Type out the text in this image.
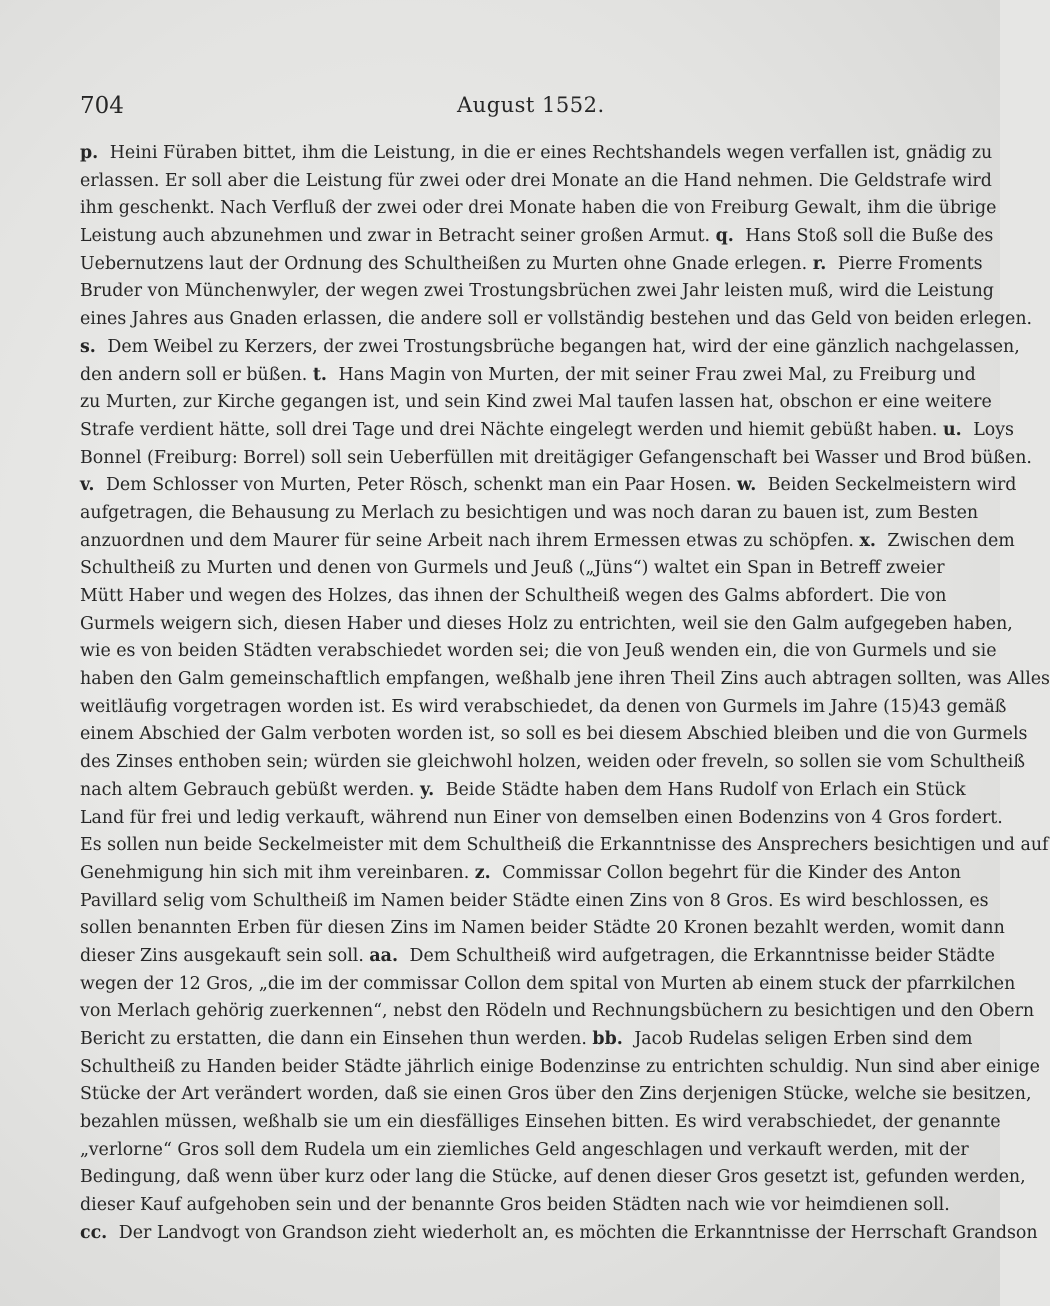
704	August 1552.
p. Heini Füraben bittet, ihm die Leistung, in die er eines Rechtshandels wegen verfallen ist, gnädig zu
erlassen. Er soll aber die Leistung für zwei oder drei Monate an die Hand nehmen. Die Geldstrafe wird
ihm geschenkt. Nach Verfluß der zwei oder drei Monate haben die von Freiburg Gewalt, ihm die übrige
Leistung auch abzunehmen und zwar in Betracht seiner großen Armut. q. Hans Stoß soll die Buße des
Uebernutzens laut der Ordnung des Schultheißen zu Murten ohne Gnade erlegen. r. Pierre Froments
Bruder von Münchenwyler, der wegen zwei Trostungsbrüchen zwei Jahr leisten muß, wird die Leistung
eines Jahres aus Gnaden erlassen, die andere soll er vollständig bestehen und das Geld von beiden erlegen.
s. Dem Weibel zu Kerzers, der zwei Trostungsbrüche begangen hat, wird der eine gänzlich nachgelassen,
den andern soll er büßen. t. Hans Magin von Murten, der mit seiner Frau zwei Mal, zu Freiburg und
zu Murten, zur Kirche gegangen ist, und sein Kind zwei Mal taufen lassen hat, obschon er eine weitere
Strafe verdient hätte, soll drei Tage und drei Nächte eingelegt werden und hiemit gebüßt haben. u. Loys
Bonnel (Freiburg: Borrel) soll sein Ueberfüllen mit dreitägiger Gefangenschaft bei Wasser und Brod büßen.
v. Dem Schlosser von Murten, Peter Rösch, schenkt man ein Paar Hosen. w. Beiden Seckelmeistern wird
aufgetragen, die Behausung zu Merlach zu besichtigen und was noch daran zu bauen ist, zum Besten
anzuordnen und dem Maurer für seine Arbeit nach ihrem Ermessen etwas zu schöpfen. x. Zwischen dem
Schultheiß zu Murten und denen von Gurmels und Jeuß („Jüns“) waltet ein Span in Betreff zweier
Mütt Haber und wegen des Holzes, das ihnen der Schultheiß wegen des Galms abfordert. Die von
Gurmels weigern sich, diesen Haber und dieses Holz zu entrichten, weil sie den Galm aufgegeben haben,
wie es von beiden Städten verabschiedet worden sei; die von Jeuß wenden ein, die von Gurmels und sie
haben den Galm gemeinschaftlich empfangen, weßhalb jene ihren Theil Zins auch abtragen sollten, was Alles
weitläufig vorgetragen worden ist. Es wird verabschiedet, da denen von Gurmels im Jahre (15)43 gemäß
einem Abschied der Galm verboten worden ist, so soll es bei diesem Abschied bleiben und die von Gurmels
des Zinses enthoben sein; würden sie gleichwohl holzen, weiden oder freveln, so sollen sie vom Schultheiß
nach altem Gebrauch gebüßt werden. y. Beide Städte haben dem Hans Rudolf von Erlach ein Stück
Land für frei und ledig verkauft, während nun Einer von demselben einen Bodenzins von 4 Gros fordert.
Es sollen nun beide Seckelmeister mit dem Schultheiß die Erkanntnisse des Ansprechers besichtigen und auf
Genehmigung hin sich mit ihm vereinbaren. z. Commissar Collon begehrt für die Kinder des Anton
Pavillard selig vom Schultheiß im Namen beider Städte einen Zins von 8 Gros. Es wird beschlossen, es
sollen benannten Erben für diesen Zins im Namen beider Städte 20 Kronen bezahlt werden, womit dann
dieser Zins ausgekauft sein soll. aa. Dem Schultheiß wird aufgetragen, die Erkanntnisse beider Städte
wegen der 12 Gros, „die im der commissar Collon dem spital von Murten ab einem stuck der pfarrkilchen
von Merlach gehörig zuerkennen“, nebst den Rödeln und Rechnungsbüchern zu besichtigen und den Obern
Bericht zu erstatten, die dann ein Einsehen thun werden. bb. Jacob Rudelas seligen Erben sind dem
Schultheiß zu Handen beider Städte jährlich einige Bodenzinse zu entrichten schuldig. Nun sind aber einige
Stücke der Art verändert worden, daß sie einen Gros über den Zins derjenigen Stücke, welche sie besitzen,
bezahlen müssen, weßhalb sie um ein diesfälliges Einsehen bitten. Es wird verabschiedet, der genannte
„verlorne“ Gros soll dem Rudela um ein ziemliches Geld angeschlagen und verkauft werden, mit der
Bedingung, daß wenn über kurz oder lang die Stücke, auf denen dieser Gros gesetzt ist, gefunden werden,
dieser Kauf aufgehoben sein und der benannte Gros beiden Städten nach wie vor heimdienen soll.
cc. Der Landvogt von Grandson zieht wiederholt an, es möchten die Erkanntnisse der Herrschaft Grandson
